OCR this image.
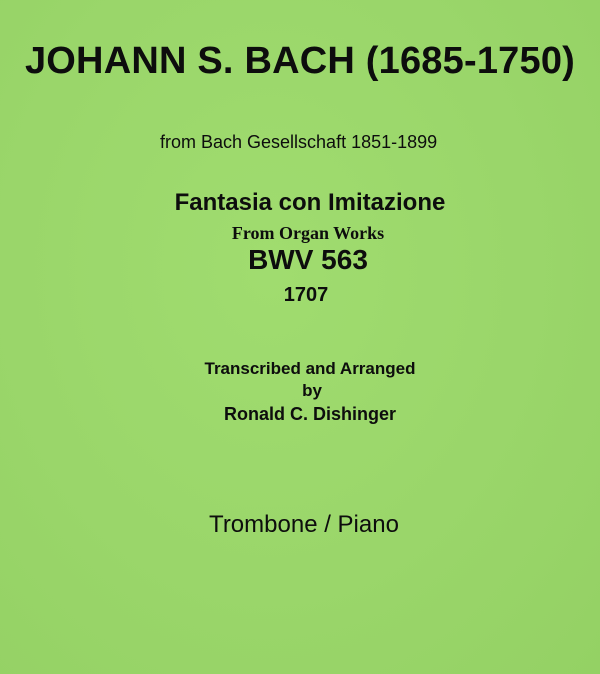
JOHANN S. BACH (1685-1750)
from Bach Gesellschaft 1851-1899
Fantasia con Imitazione
From Organ Works
BWV 563
1707
Transcribed and Arranged
by
Ronald C. Dishinger
Trombone / Piano
